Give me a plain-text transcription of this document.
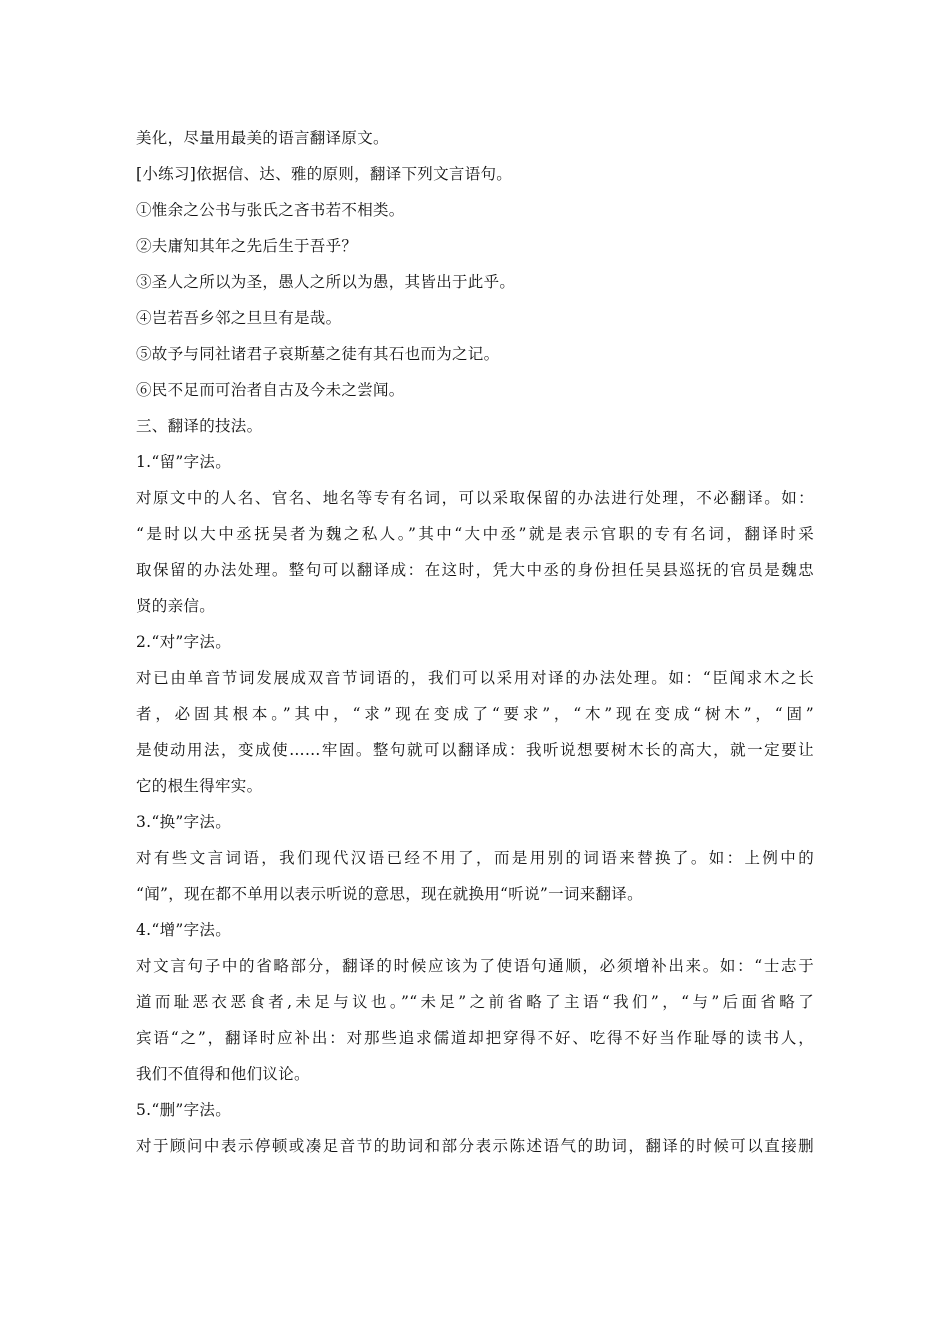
美化，尽量用最美的语言翻译原文。
[小练习]依据信、达、雅的原则，翻译下列文言语句。
①惟余之公书与张氏之吝书若不相类。
②夫庸知其年之先后生于吾乎？
③圣人之所以为圣，愚人之所以为愚，其皆出于此乎。
④岂若吾乡邻之旦旦有是哉。
⑤故予与同社诸君子哀斯墓之徒有其石也而为之记。
⑥民不足而可治者自古及今未之尝闻。
三、翻译的技法。
1.“留”字法。
对原文中的人名、官名、地名等专有名词，可以采取保留的办法进行处理，不必翻译。如：
“是时以大中丞抚吴者为魏之私人。”其中“大中丞”就是表示官职的专有名词，翻译时采
取保留的办法处理。整句可以翻译成：在这时，凭大中丞的身份担任吴县巡抚的官员是魏忠
贤的亲信。
2.“对”字法。
对已由单音节词发展成双音节词语的，我们可以采用对译的办法处理。如：“臣闻求木之长
者，必固其根本。”其中，“求”现在变成了“要求”，“木”现在变成“树木”，“固”
是使动用法，变成使……牢固。整句就可以翻译成：我听说想要树木长的高大，就一定要让
它的根生得牢实。
3.“换”字法。
对有些文言词语，我们现代汉语已经不用了，而是用别的词语来替换了。如：上例中的
“闻”，现在都不单用以表示听说的意思，现在就换用“听说”一词来翻译。
4.“增”字法。
对文言句子中的省略部分，翻译的时候应该为了使语句通顺，必须增补出来。如：“士志于
道而耻恶衣恶食者,未足与议也。”“未足”之前省略了主语“我们”，“与”后面省略了
宾语“之”，翻译时应补出：对那些追求儒道却把穿得不好、吃得不好当作耻辱的读书人，
我们不值得和他们议论。
5.“删”字法。
对于顾问中表示停顿或凑足音节的助词和部分表示陈述语气的助词，翻译的时候可以直接删
